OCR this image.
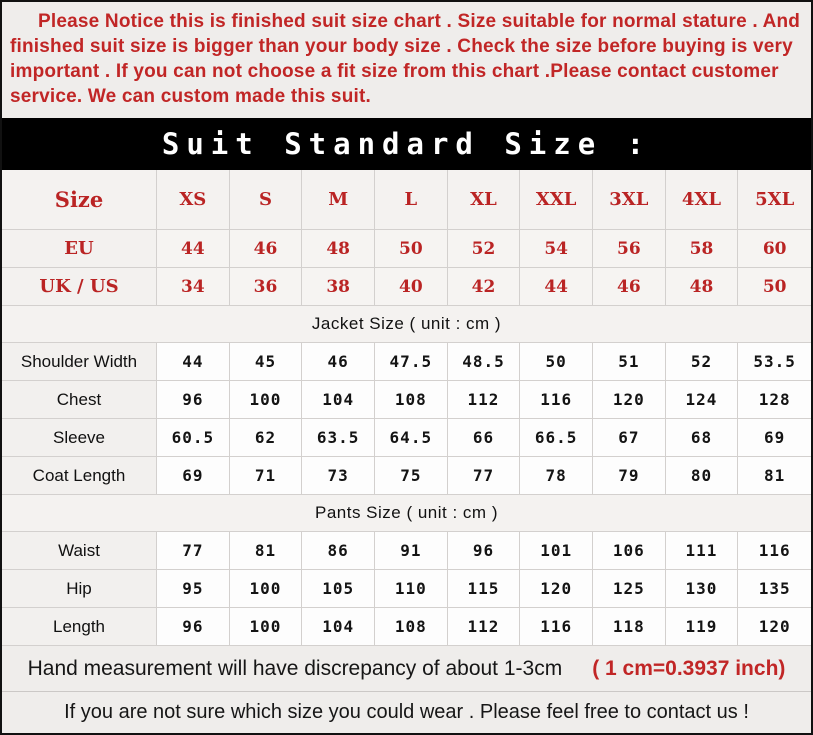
Please Notice this is finished suit size chart . Size suitable for normal stature . And finished suit size is bigger than your body size . Check the size before buying is very important . If you can not choose a fit size from this chart .Please contact customer service. We can custom made this suit.
Suit Standard Size :
Size	XS	S	M	L	XL	XXL	3XL	4XL	5XL
EU	44	46	48	50	52	54	56	58	60
UK / US	34	36	38	40	42	44	46	48	50
Jacket Size ( unit : cm )
Shoulder Width	44	45	46	47.5	48.5	50	51	52	53.5
Chest	96	100	104	108	112	116	120	124	128
Sleeve	60.5	62	63.5	64.5	66	66.5	67	68	69
Coat Length	69	71	73	75	77	78	79	80	81
Pants Size ( unit : cm )
Waist	77	81	86	91	96	101	106	111	116
Hip	95	100	105	110	115	120	125	130	135
Length	96	100	104	108	112	116	118	119	120
Hand measurement will have discrepancy of about 1-3cm ( 1 cm=0.3937 inch)
If you are not sure which size you could wear . Please feel free to contact us !
